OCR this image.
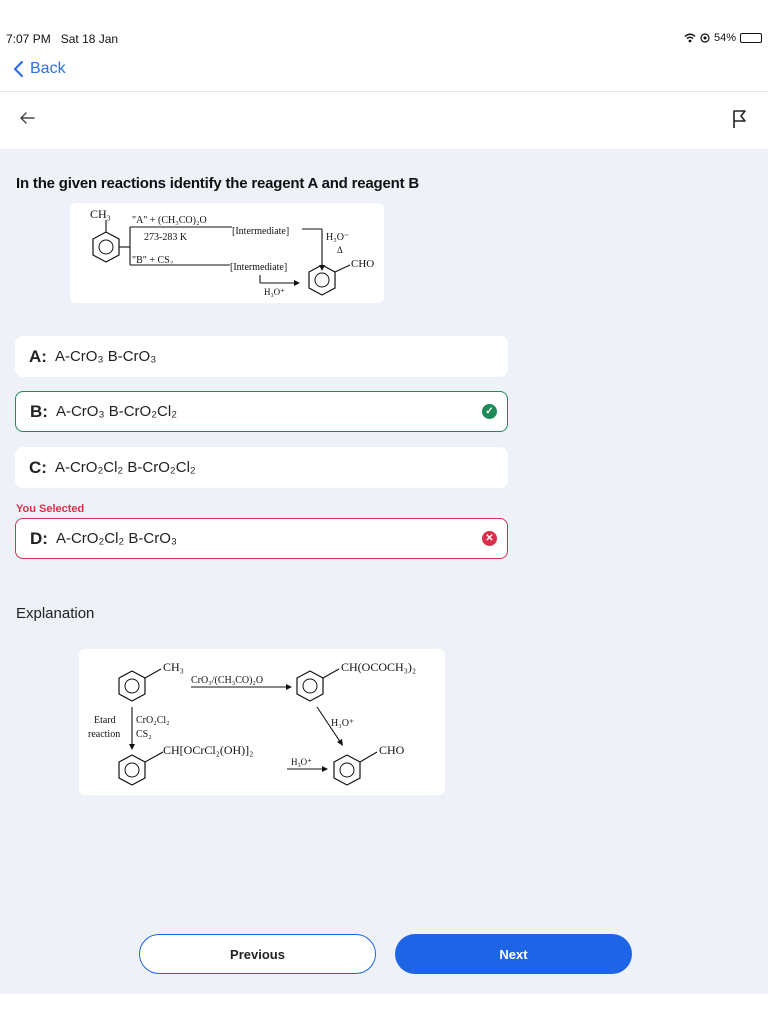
7:07 PM Sat 18 Jan	54%
Back
In the given reactions identify the reagent A and reagent B
CH₃ "A" + (CH₃CO)₂O
273-283 K
[Intermediate]
H₃O⁻
Δ
"B" + CS₂
[Intermediate]
H₃O⁺
CHO
A: A-CrO₃ B-CrO₃
B: A-CrO₃ B-CrO₂Cl₂	✓
C: A-CrO₂Cl₂ B-CrO₂Cl₂
You Selected
D: A-CrO₂Cl₂ B-CrO₃	✕
Explanation
CH₃
CrO₃/(CH₃CO)₂O
CH(OCOCH₃)₂
Etard
reaction
CrO₂Cl₂
CS₂
H₃O⁺
CH[OCrCl₂(OH)]₂
H₃O⁺
CHO
Previous	Next
